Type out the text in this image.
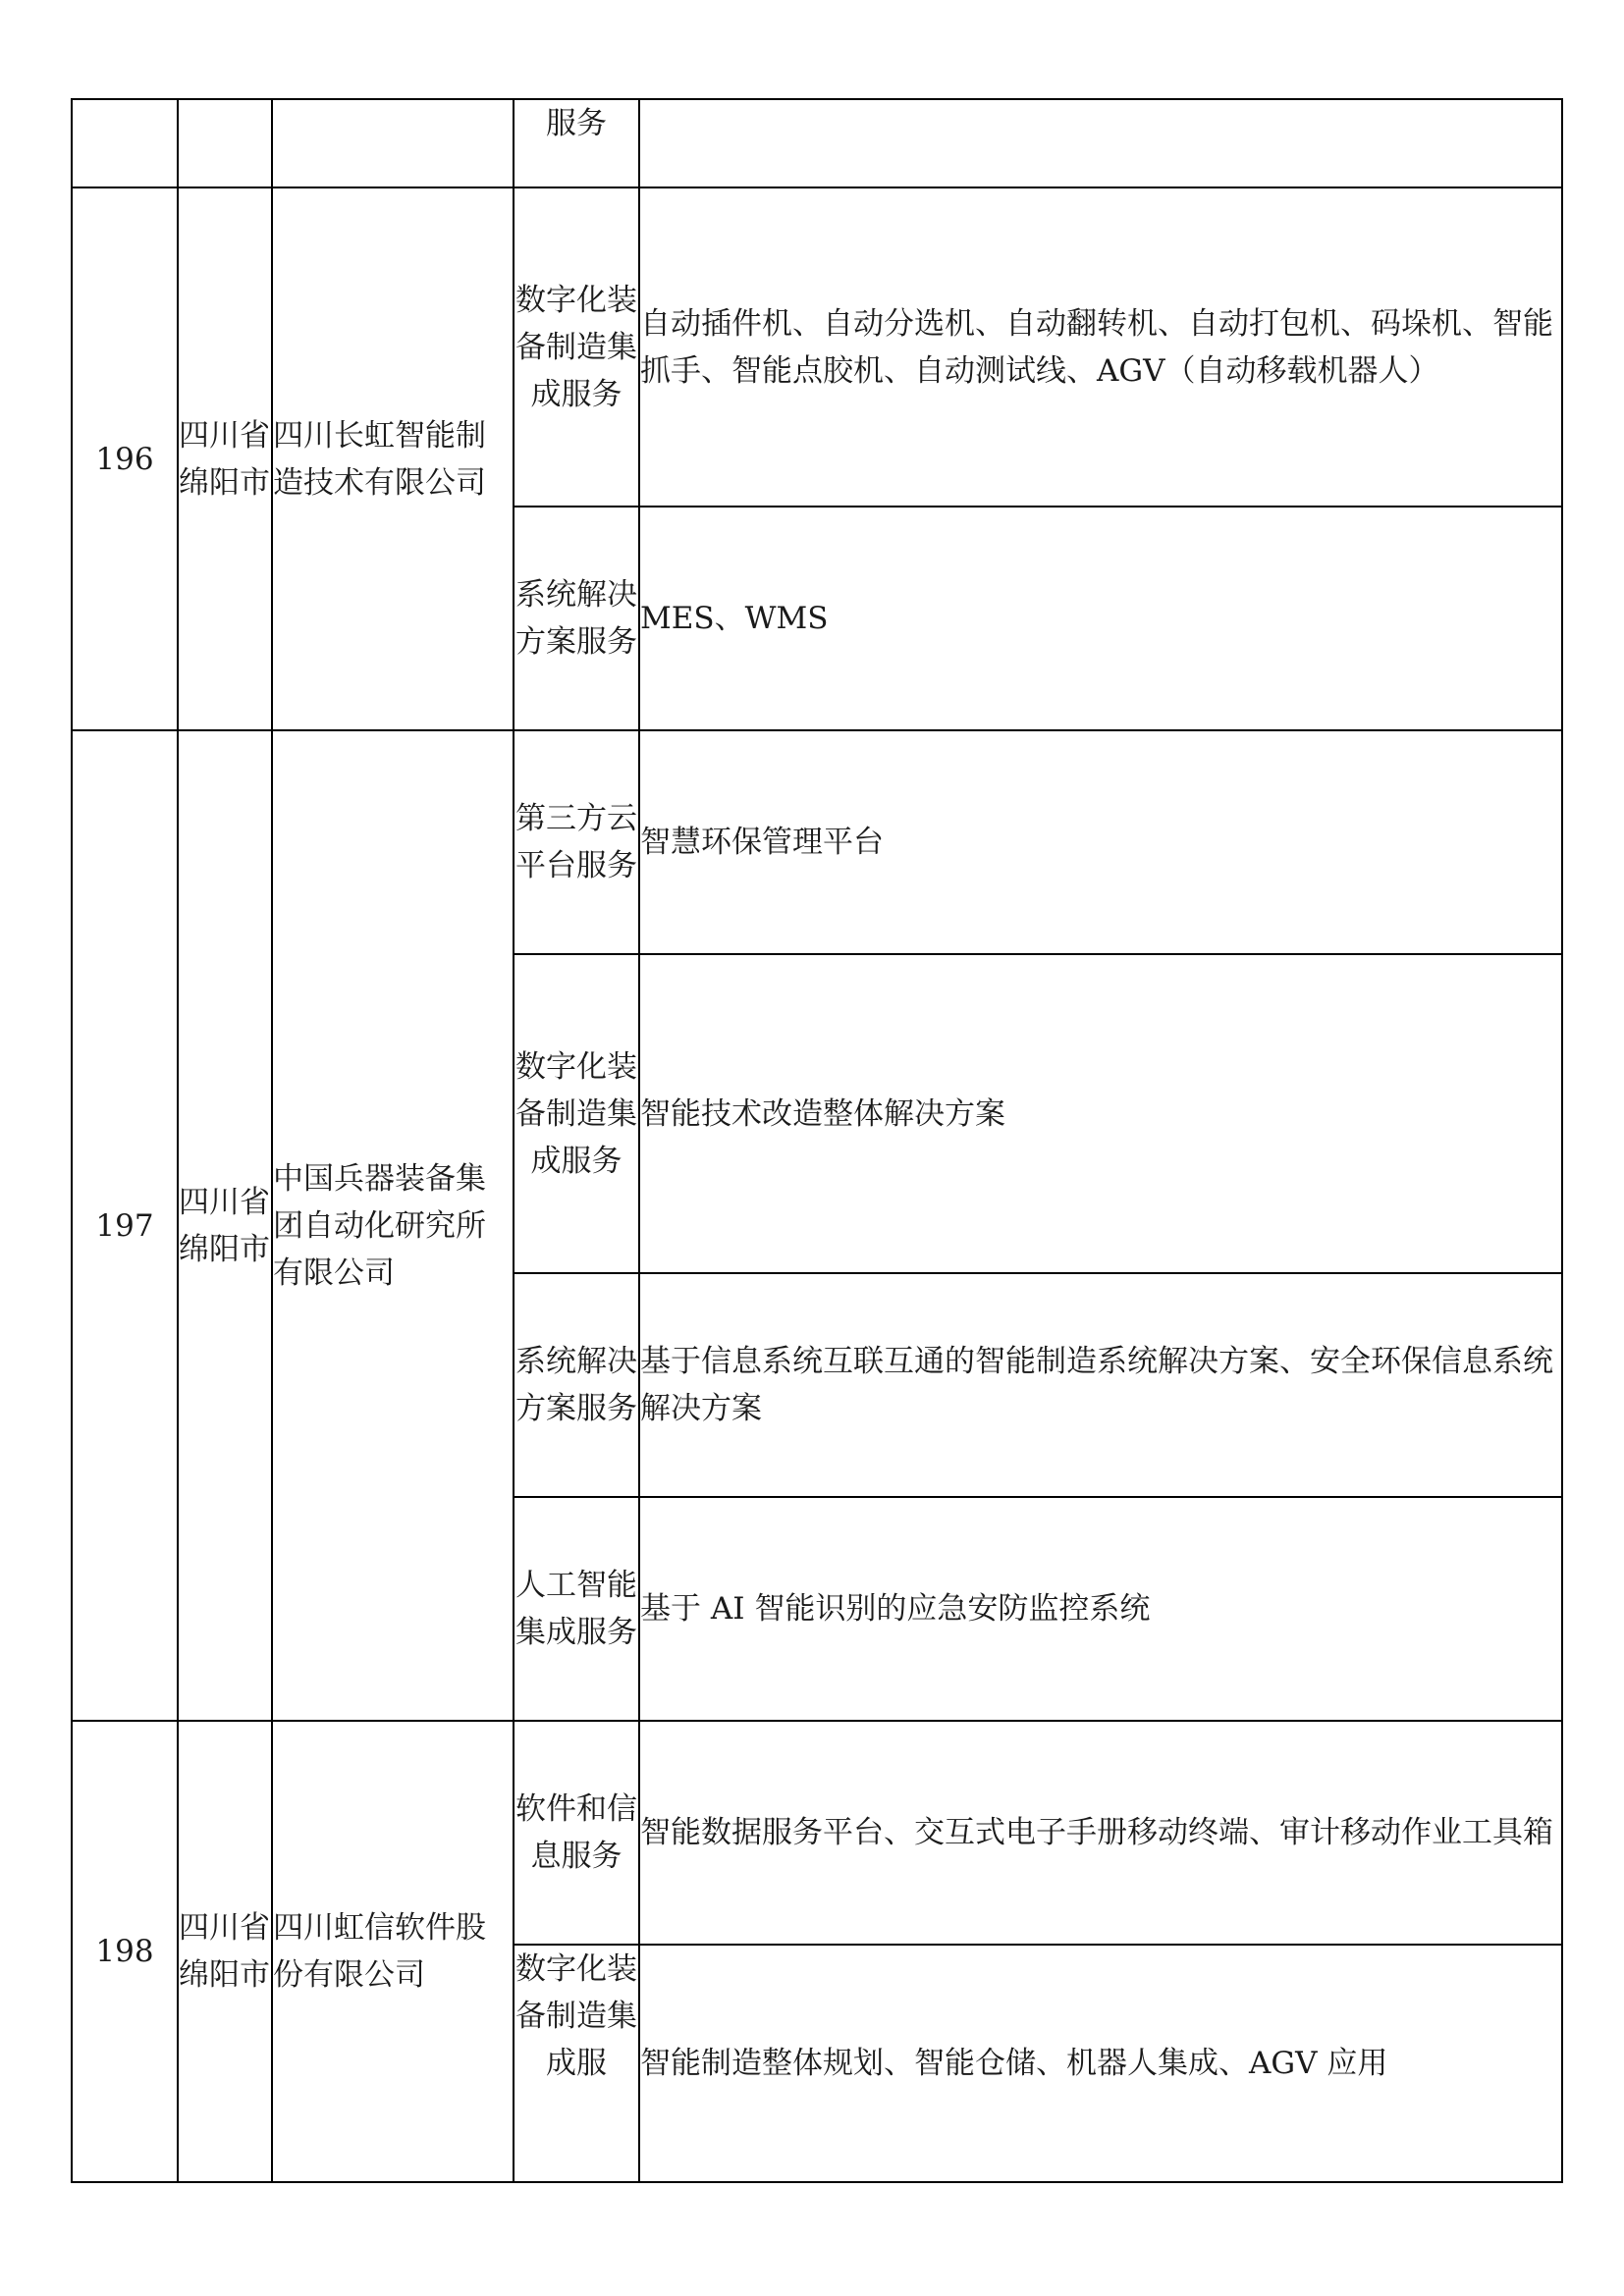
			服务	
196	四川省绵阳市	四川长虹智能制造技术有限公司	数字化装备制造集成服务	自动插件机、自动分选机、自动翻转机、自动打包机、码垛机、智能抓手、智能点胶机、自动测试线、AGV（自动移载机器人）
			系统解决方案服务	MES、WMS
197	四川省绵阳市	中国兵器装备集团自动化研究所有限公司	第三方云平台服务	智慧环保管理平台
			数字化装备制造集成服务	智能技术改造整体解决方案
			系统解决方案服务	基于信息系统互联互通的智能制造系统解决方案、安全环保信息系统解决方案
			人工智能集成服务	基于 AI 智能识别的应急安防监控系统
198	四川省绵阳市	四川虹信软件股份有限公司	软件和信息服务	智能数据服务平台、交互式电子手册移动终端、审计移动作业工具箱
			数字化装备制造集成服	智能制造整体规划、智能仓储、机器人集成、AGV 应用
